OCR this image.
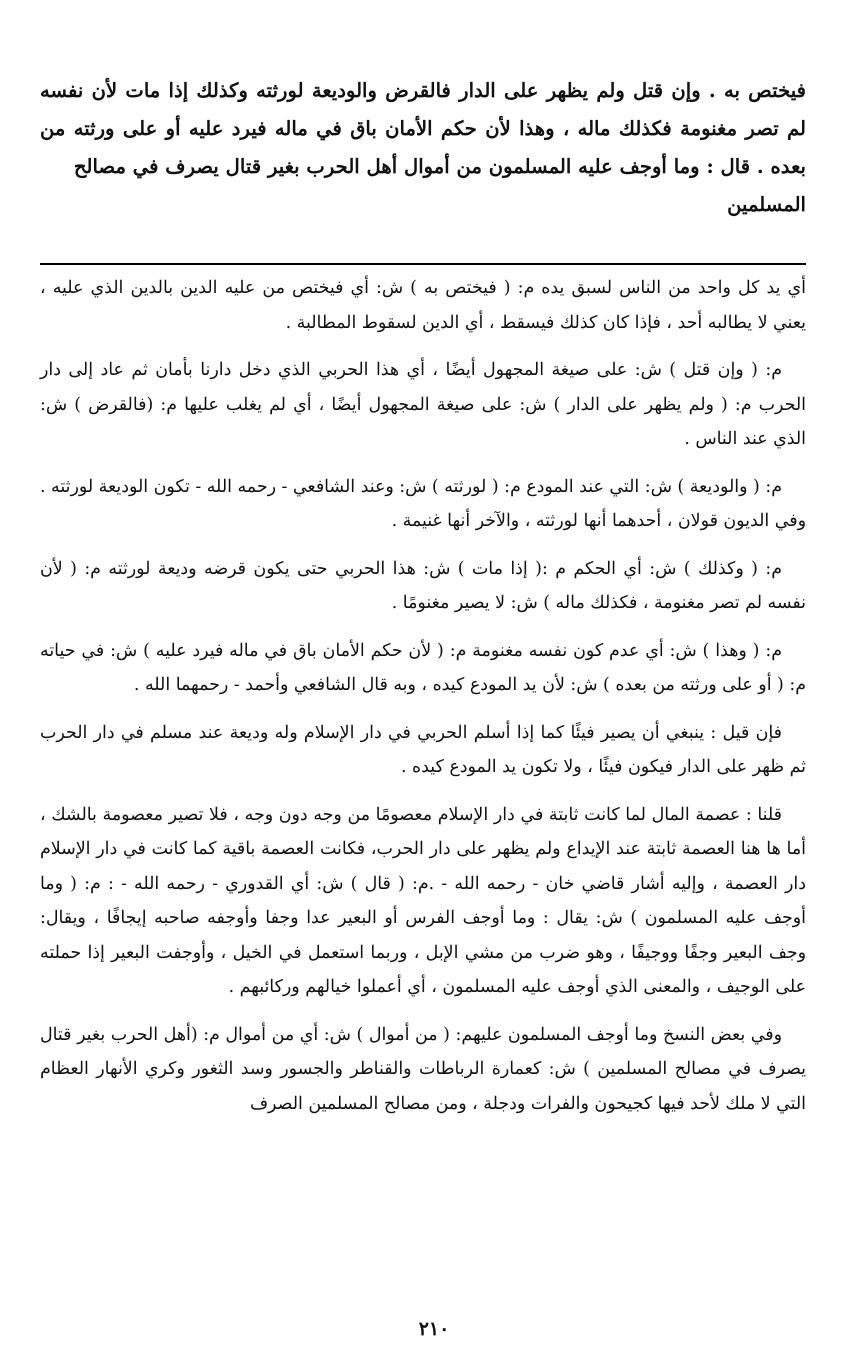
فيختص به . وإن قتل ولم يظهر على الدار فالقرض والوديعة لورثته وكذلك إذا مات لأن نفسه لم تصر مغنومة فكذلك ماله ، وهذا لأن حكم الأمان باق في ماله فيرد عليه أو على ورثته من بعده . قال : وما أوجف عليه المسلمون من أموال أهل الحرب بغير قتال يصرف في مصالح
المسلمين

أي يد كل واحد من الناس لسبق يده م: ( فيختص به ) ش: أي فيختص من عليه الدين بالدين الذي عليه ، يعني لا يطالبه أحد ، فإذا كان كذلك فيسقط ، أي الدين لسقوط المطالبة .

م: ( وإن قتل ) ش: على صيغة المجهول أيضًا ، أي هذا الحربي الذي دخل دارنا بأمان ثم عاد إلى دار الحرب م: ( ولم يظهر على الدار ) ش: على صيغة المجهول أيضًا ، أي لم يغلب عليها م: (فالقرض ) ش: الذي عند الناس .

م: ( والوديعة ) ش: التي عند المودع م: ( لورثته ) ش: وعند الشافعي - رحمه الله - تكون الوديعة لورثته . وفي الديون قولان ، أحدهما أنها لورثته ، والآخر أنها غنيمة .

م: ( وكذلك ) ش: أي الحكم م :( إذا مات ) ش: هذا الحربي حتى يكون قرضه وديعة لورثته م: ( لأن نفسه لم تصر مغنومة ، فكذلك ماله ) ش: لا يصير مغنومًا .

م: ( وهذا ) ش: أي عدم كون نفسه مغنومة م: ( لأن حكم الأمان باق في ماله فيرد عليه ) ش: في حياته م: ( أو على ورثته من بعده ) ش: لأن يد المودع كيده ، وبه قال الشافعي وأحمد - رحمهما الله .

فإن قيل : ينبغي أن يصير فيئًا كما إذا أسلم الحربي في دار الإسلام وله وديعة عند مسلم في دار الحرب ثم ظهر على الدار فيكون فيئًا ، ولا تكون يد المودع كيده .

قلنا : عصمة المال لما كانت ثابتة في دار الإسلام معصومًا من وجه دون وجه ، فلا تصير معصومة بالشك ، أما ها هنا العصمة ثابتة عند الإيداع ولم يظهر على دار الحرب، فكانت العصمة باقية كما كانت في دار الإسلام دار العصمة ، وإليه أشار قاضي خان - رحمه الله - .م: ( قال ) ش: أي القدوري - رحمه الله - : م: ( وما أوجف عليه المسلمون ) ش: يقال : وما أوجف الفرس أو البعير عدا وجفا وأوجفه صاحبه إيجافًا ، ويقال: وجف البعير وجفًا ووجيفًا ، وهو ضرب من مشي الإبل ، وربما استعمل في الخيل ، وأوجفت البعير إذا حملته على الوجيف ، والمعنى الذي أوجف عليه المسلمون ، أي أعملوا خيالهم وركائبهم .

وفي بعض النسخ وما أوجف المسلمون عليهم: ( من أموال ) ش: أي من أموال م: (أهل الحرب بغير قتال يصرف في مصالح المسلمين ) ش: كعمارة الرباطات والقناطر والجسور وسد الثغور وكري الأنهار العظام التي لا ملك لأحد فيها كجيحون والفرات ودجلة ، ومن مصالح المسلمين الصرف

٢١٠
